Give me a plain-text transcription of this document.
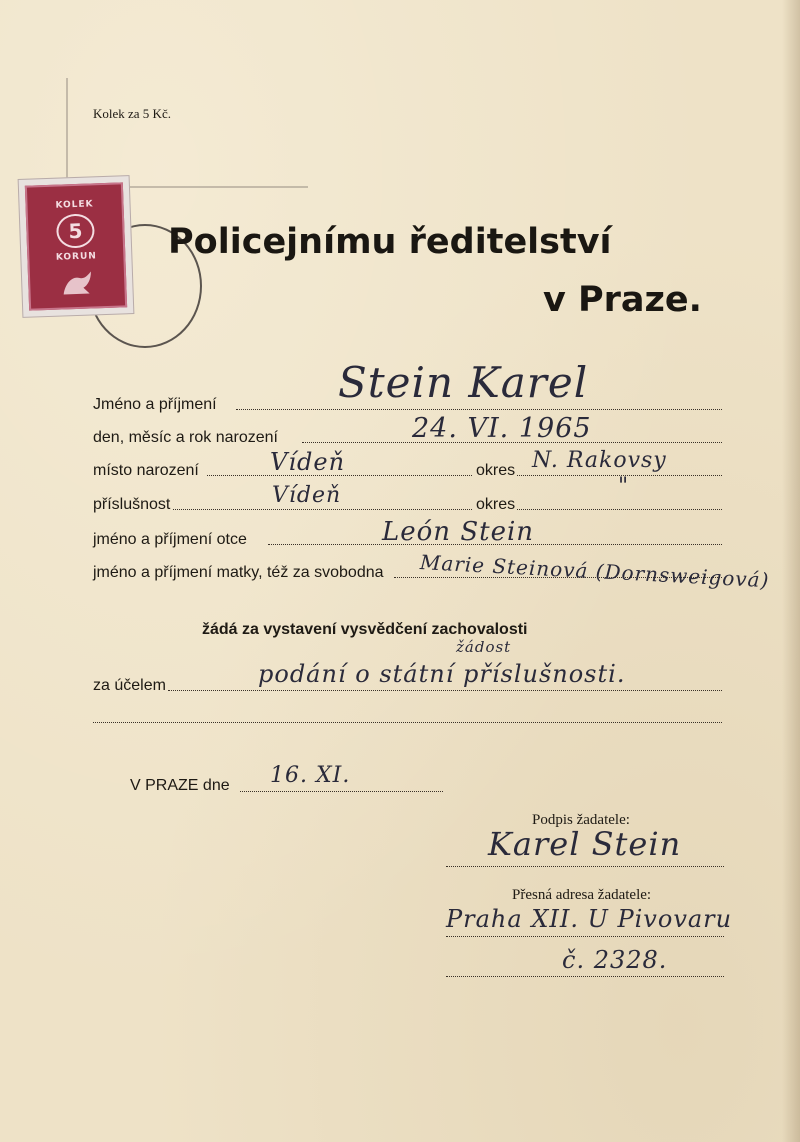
Kolek za 5 Kč.
KOLEK
5
KORUN	Policejnímu ředitelství
v Praze.
Jméno a příjmení	Stein Karel
den, měsíc a rok narození	24. VI. 1965
místo narození	Vídeň	okres N. Rakovsy
příslušnost	Vídeň	okres
"
jméno a příjmení otce	León Stein
jméno a příjmení matky, též za svobodna Marie Steinová (Dornsweigová)
žádá za vystavení vysvědčení zachovalosti
žádost
za účelem	podání o státní příslušnosti.
V PRAZE dne 16. XI.
Podpis žadatele:
Karel Stein
Přesná adresa žadatele:
Praha XII. U Pivovaru
č. 2328.
